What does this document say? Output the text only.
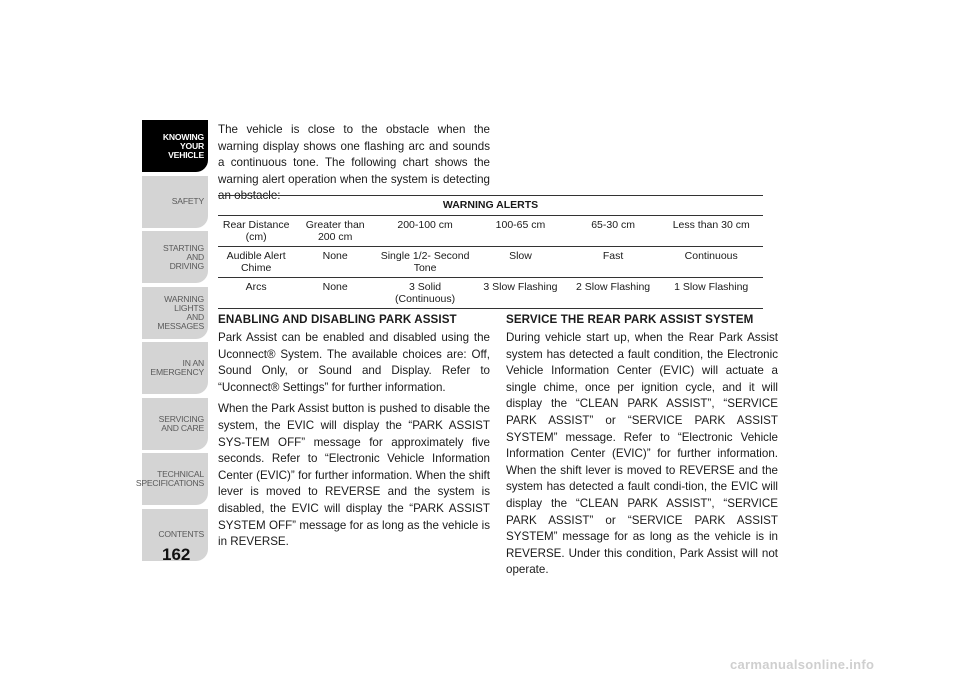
KNOWING
YOUR
VEHICLE
SAFETY
STARTING
AND
DRIVING
WARNING
LIGHTS
AND
MESSAGES
IN AN
EMERGENCY
SERVICING
AND CARE
TECHNICAL
SPECIFICATIONS
CONTENTS
162

The vehicle is close to the obstacle when the warning display shows one flashing arc and sounds a continuous tone. The following chart shows the warning alert operation when the system is detecting an obstacle:

WARNING ALERTS					
Rear Distance (cm)	Greater than 200 cm	200-100 cm	100-65 cm	65-30 cm	Less than 30 cm
Audible Alert Chime	None	Single 1/2- Second Tone	Slow	Fast	Continuous
Arcs	None	3 Solid (Continuous)	3 Slow Flashing	2 Slow Flashing	1 Slow Flashing
ENABLING AND DISABLING PARK ASSIST

Park Assist can be enabled and disabled using the Uconnect® System. The available choices are: Off, Sound Only, or Sound and Display. Refer to “Uconnect® Settings” for further information.

When the Park Assist button is pushed to disable the system, the EVIC will display the “PARK ASSIST SYS-TEM OFF” message for approximately five seconds. Refer to “Electronic Vehicle Information Center (EVIC)” for further information. When the shift lever is moved to REVERSE and the system is disabled, the EVIC will display the “PARK ASSIST SYSTEM OFF” message for as long as the vehicle is in REVERSE.

SERVICE THE REAR PARK ASSIST SYSTEM

During vehicle start up, when the Rear Park Assist system has detected a fault condition, the Electronic Vehicle Information Center (EVIC) will actuate a single chime, once per ignition cycle, and it will display the “CLEAN PARK ASSIST”, “SERVICE PARK ASSIST” or “SERVICE PARK ASSIST SYSTEM” message. Refer to “Electronic Vehicle Information Center (EVIC)” for further information. When the shift lever is moved to REVERSE and the system has detected a fault condi-tion, the EVIC will display the “CLEAN PARK ASSIST”, “SERVICE PARK ASSIST” or “SERVICE PARK ASSIST SYSTEM” message for as long as the vehicle is in REVERSE. Under this condition, Park Assist will not operate.

carmanualsonline.info
